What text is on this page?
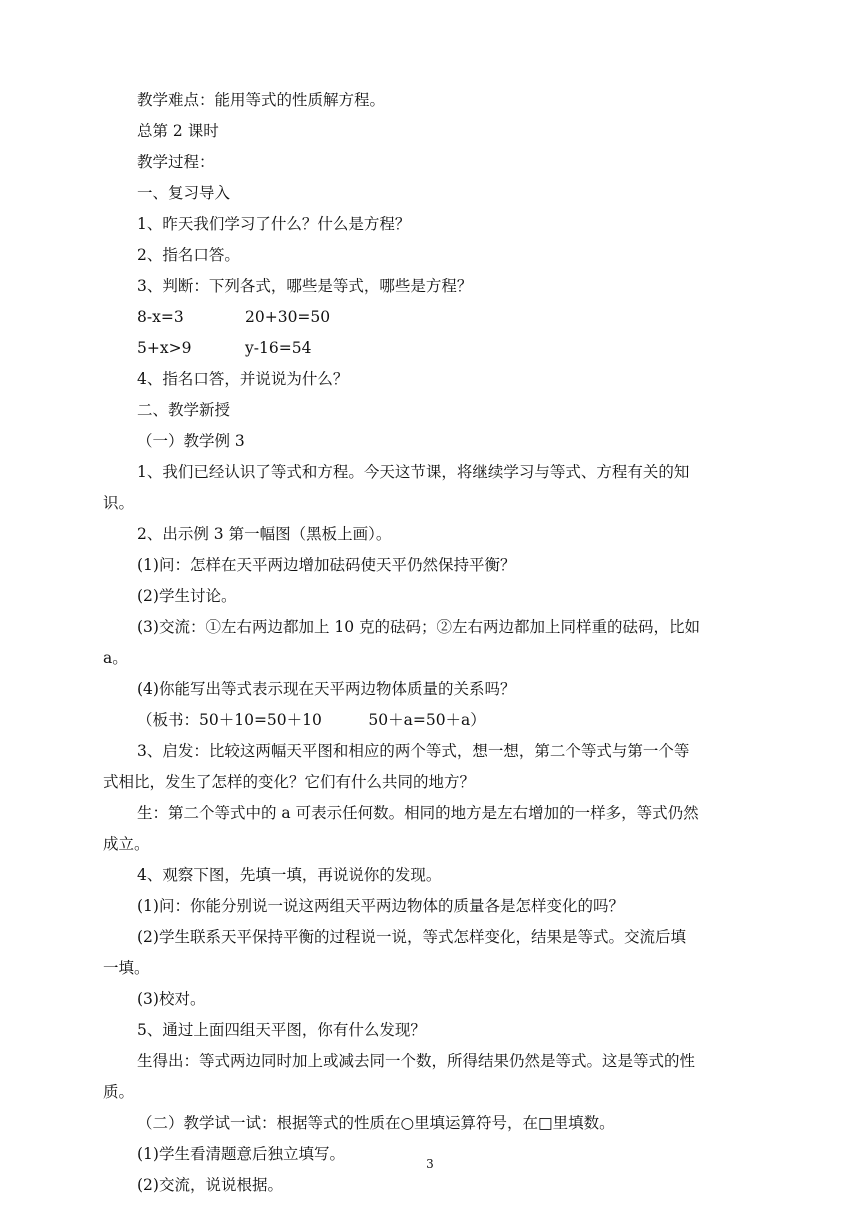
教学难点：能用等式的性质解方程。
总第 2 课时
教学过程：
一、复习导入
1、昨天我们学习了什么？什么是方程？
2、指名口答。
3、判断：下列各式，哪些是等式，哪些是方程？
8-x=3	20+30=50
5+x>9	y-16=54
4、指名口答，并说说为什么？
二、教学新授
（一）教学例 3
1、我们已经认识了等式和方程。今天这节课，将继续学习与等式、方程有关的知
识。
2、出示例 3 第一幅图（黑板上画）。
(1)问：怎样在天平两边增加砝码使天平仍然保持平衡？
(2)学生讨论。
(3)交流：①左右两边都加上 10 克的砝码；②左右两边都加上同样重的砝码，比如
a。
(4)你能写出等式表示现在天平两边物体质量的关系吗？
（板书：50＋10=50＋10　　　50＋a=50＋a）
3、启发：比较这两幅天平图和相应的两个等式，想一想，第二个等式与第一个等
式相比，发生了怎样的变化？它们有什么共同的地方？
生：第二个等式中的 a 可表示任何数。相同的地方是左右增加的一样多，等式仍然
成立。
4、观察下图，先填一填，再说说你的发现。
(1)问：你能分别说一说这两组天平两边物体的质量各是怎样变化的吗？
(2)学生联系天平保持平衡的过程说一说，等式怎样变化，结果是等式。交流后填
一填。
(3)校对。
5、通过上面四组天平图，你有什么发现？
生得出：等式两边同时加上或减去同一个数，所得结果仍然是等式。这是等式的性
质。
（二）教学试一试：根据等式的性质在○里填运算符号，在□里填数。
(1)学生看清题意后独立填写。
(2)交流，说说根据。
3
